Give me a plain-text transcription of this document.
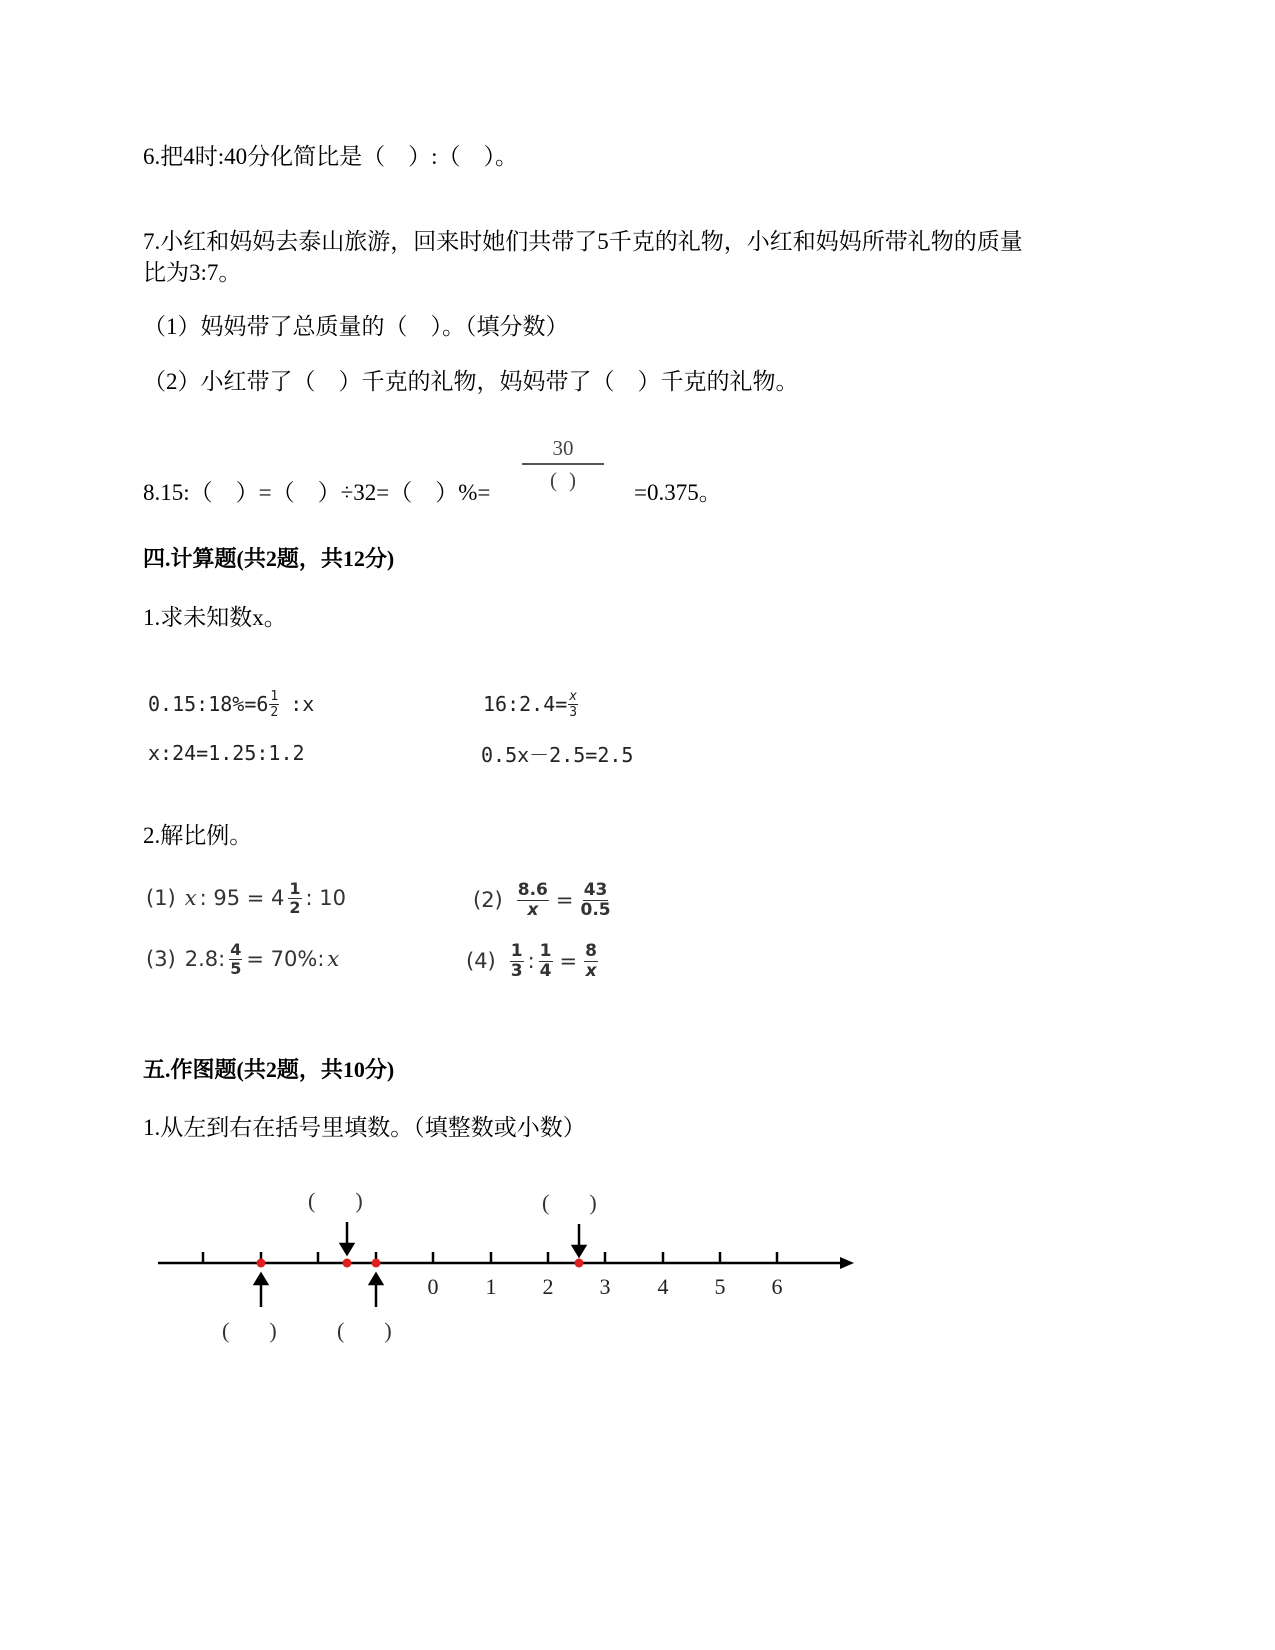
6.把4时:40分化简比是（　）:（　）。
7.小红和妈妈去泰山旅游，回来时她们共带了5千克的礼物，小红和妈妈所带礼物的质量
比为3:7。
（1）妈妈带了总质量的（　）。（填分数）
（2）小红带了（　）千克的礼物，妈妈带了（　）千克的礼物。
8.15:（　）=（　）÷32=（　）%=
30
()
=0.375。
四.计算题(共2题，共12分)
1.求未知数x。
0.15:18%=6 $\frac{1}{2}$ :x	16:2.4= $\frac{x}{3}$
x:24=1.25:1.2	0.5x－2.5=2.5
2.解比例。
(1) x : $95 = 4 \frac{1}{2}$ : 10	$(2) \frac{8.6}{x} = \frac{43}{0.5}$
(3) 2.8: $\frac{4}{5} = 70\%$: x	$(4) \frac{1}{3}$ : $\frac{1}{4} = \frac{8}{x}$
五.作图题(共2题，共10分)
1.从左到右在括号里填数。（填整数或小数）
()	()
() ()
0 1 2 3 4 5 6
